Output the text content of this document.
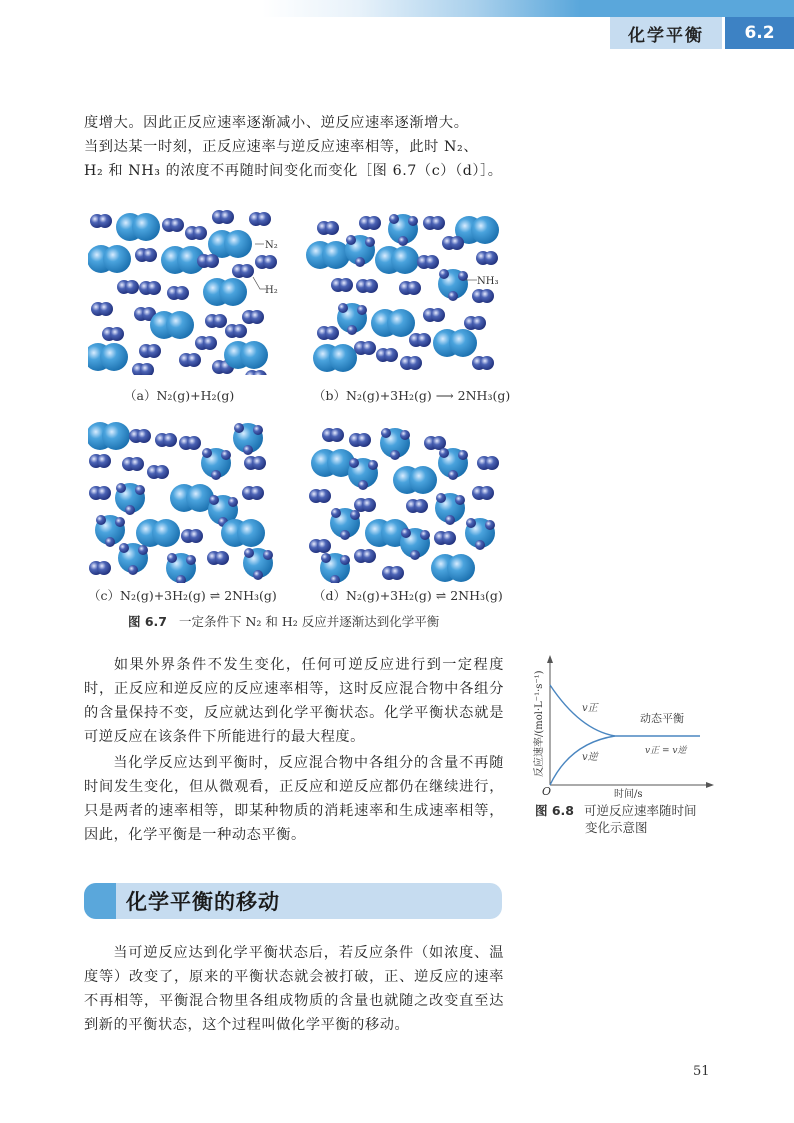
化学平衡	6.2
度增大。因此正反应速率逐渐减小、逆反应速率逐渐增大。
当到达某一时刻，正反应速率与逆反应速率相等，此时 N₂、
H₂ 和 NH₃ 的浓度不再随时间变化而变化［图 6.7（c）（d）］。
N₂
H₂
（a）N₂(g)+H₂(g)
NH₃
（b）N₂(g)+3H₂(g) ⟶ 2NH₃(g)
（c）N₂(g)+3H₂(g) ⇌ 2NH₃(g)	（d）N₂(g)+3H₂(g) ⇌ 2NH₃(g)
图 6.7 一定条件下 N₂ 和 H₂ 反应并逐渐达到化学平衡
如果外界条件不发生变化，任何可逆反应进行到一定程度时，正反应和逆反应的反应速率相等，这时反应混合物中各组分的含量保持不变，反应就达到化学平衡状态。化学平衡状态就是可逆反应在该条件下所能进行的最大程度。
当化学反应达到平衡时，反应混合物中各组分的含量不再随时间发生变化，但从微观看，正反应和逆反应都仍在继续进行，只是两者的速率相等，即某种物质的消耗速率和生成速率相等，因此，化学平衡是一种动态平衡。
v正
v逆
动态平衡
v正 = v逆
O	时间/s
反应速率/(mol·L⁻¹·s⁻¹)
图 6.8 可逆反应速率随时间
变化示意图
化学平衡的移动
当可逆反应达到化学平衡状态后，若反应条件（如浓度、温度等）改变了，原来的平衡状态就会被打破，正、逆反应的速率不再相等，平衡混合物里各组成物质的含量也就随之改变直至达到新的平衡状态，这个过程叫做化学平衡的移动。
51
